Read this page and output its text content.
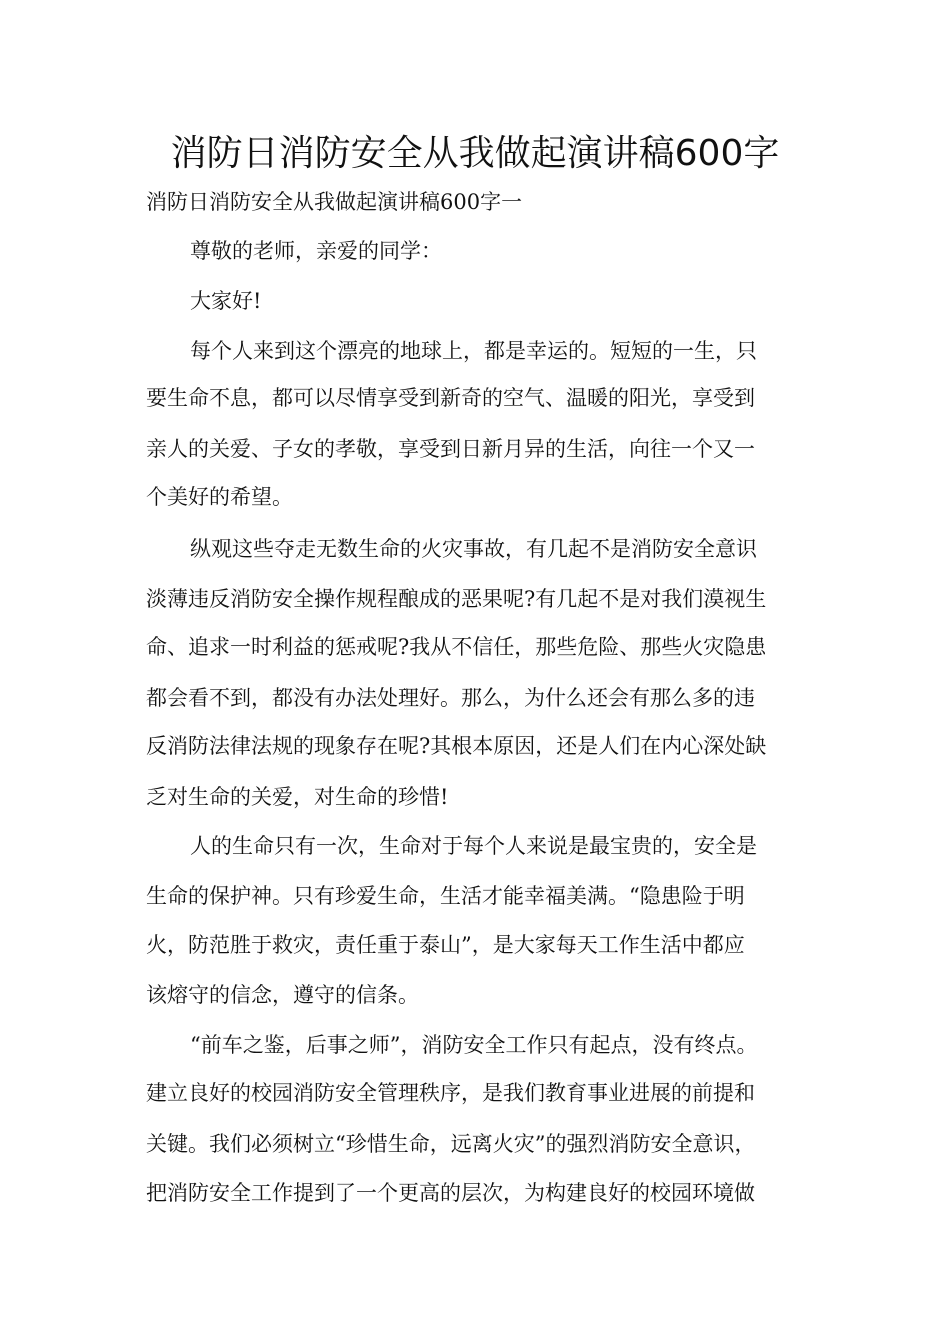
消防日消防安全从我做起演讲稿600字
消防日消防安全从我做起演讲稿600字一
尊敬的老师，亲爱的同学：
大家好!
每个人来到这个漂亮的地球上，都是幸运的。短短的一生，只
要生命不息，都可以尽情享受到新奇的空气、温暖的阳光，享受到
亲人的关爱、子女的孝敬，享受到日新月异的生活，向往一个又一
个美好的希望。
纵观这些夺走无数生命的火灾事故，有几起不是消防安全意识
淡薄违反消防安全操作规程酿成的恶果呢?有几起不是对我们漠视生
命、追求一时利益的惩戒呢?我从不信任，那些危险、那些火灾隐患
都会看不到，都没有办法处理好。那么，为什么还会有那么多的违
反消防法律法规的现象存在呢?其根本原因，还是人们在内心深处缺
乏对生命的关爱，对生命的珍惜!
人的生命只有一次，生命对于每个人来说是最宝贵的，安全是
生命的保护神。只有珍爱生命，生活才能幸福美满。“隐患险于明
火，防范胜于救灾，责任重于泰山”，是大家每天工作生活中都应
该熔守的信念，遵守的信条。
“前车之鉴，后事之师”，消防安全工作只有起点，没有终点。
建立良好的校园消防安全管理秩序，是我们教育事业进展的前提和
关键。我们必须树立“珍惜生命，远离火灾”的强烈消防安全意识，
把消防安全工作提到了一个更高的层次，为构建良好的校园环境做
